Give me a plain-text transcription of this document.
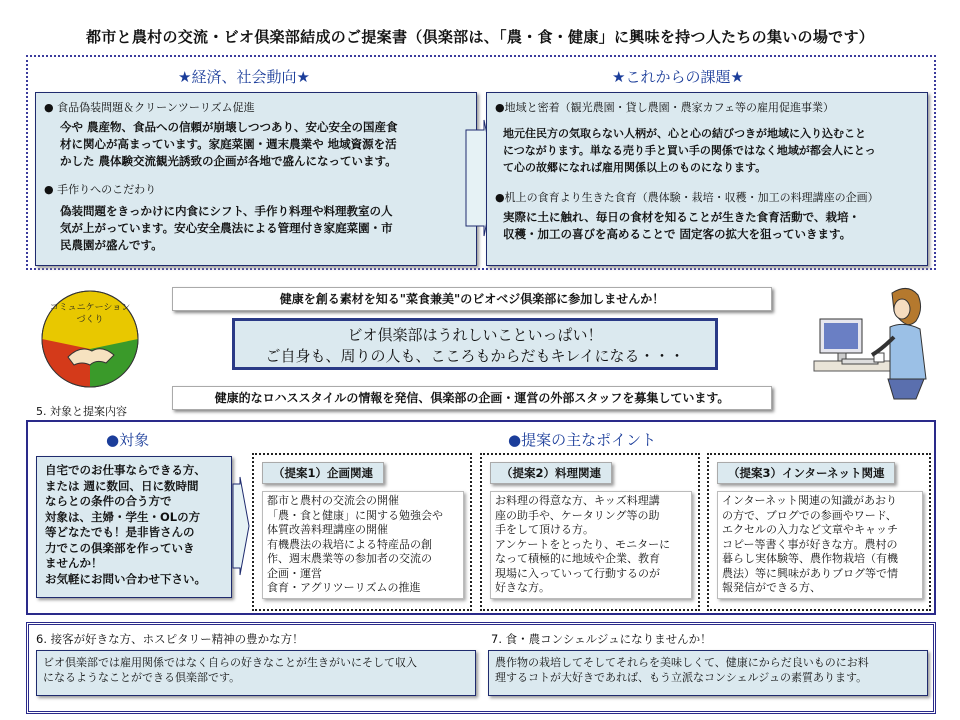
都市と農村の交流・ビオ倶楽部結成のご提案書（倶楽部は、「農・食・健康」に興味を持つ人たちの集いの場です）
★経済、社会動向★	★これからの課題★
● 食品偽装問題＆クリーンツーリズム促進
今や 農産物、食品への信頼が崩壊しつつあり、安心安全の国産食
材に関心が高まっています。家庭菜園・週末農業や 地域資源を活
かした 農体験交流観光誘致の企画が各地で盛んになっています。
● 手作りへのこだわり
偽装問題をきっかけに内食にシフト、手作り料理や料理教室の人
気が上がっています。安心安全農法による管理付き家庭菜園・市
民農園が盛んです。
●地域と密着（観光農園・貸し農園・農家カフェ等の雇用促進事業）
地元住民方の気取らない人柄が、心と心の結びつきが地域に入り込むこと
につながります。単なる売り手と買い手の関係ではなく地域が都会人にとっ
て心の故郷になれば雇用関係以上のものになります。
●机上の食育より生きた食育（農体験・栽培・収穫・加工の料理講座の企画）
実際に土に触れ、毎日の食材を知ることが生きた食育活動で、栽培・
収穫・加工の喜びを高めることで 固定客の拡大を狙っていきます。
コミュニケーション
づくり
健康を創る素材を知る"菜食兼美"のビオベジ倶楽部に参加しませんか！
ビオ倶楽部はうれしいこといっぱい！
ご自身も、周りの人も、こころもからだもキレイになる・・・
健康的なロハススタイルの情報を発信、倶楽部の企画・運営の外部スタッフを募集しています。
5. 対象と提案内容
●対象	●提案の主なポイント
自宅でのお仕事ならできる方、
または 週に数回、日に数時間
ならとの条件の合う方で
対象は、主婦・学生・OLの方
等どなたでも！是非皆さんの
力でこの倶楽部を作っていき
ませんか！
お気軽にお問い合わせ下さい。
（提案1）企画関連
都市と農村の交流会の開催
「農・食と健康」に関する勉強会や
体質改善料理講座の開催
有機農法の栽培による特産品の創
作、週末農業等の参加者の交流の
企画・運営
食育・アグリツーリズムの推進
（提案2）料理関連
お料理の得意な方、キッズ料理講
座の助手や、ケータリング等の助
手をして頂ける方。
アンケートをとったり、モニターに
なって積極的に地域や企業、教育
現場に入っていって行動するのが
好きな方。
（提案3）インターネット関連
インターネット関連の知識があおり
の方で、ブログでの参画やワード、
エクセルの入力など文章やキャッチ
コピー等書く事が好きな方。農村の
暮らし実体験等、農作物栽培（有機
農法）等に興味がありブログ等で情
報発信ができる方、
6. 接客が好きな方、ホスピタリー精神の豊かな方！	7. 食・農コンシェルジュになりませんか！
ビオ倶楽部では雇用関係ではなく自らの好きなことが生きがいにそして収入
になるようなことができる倶楽部です。
農作物の栽培してそしてそれらを美味しくて、健康にからだ良いものにお料
理するコトが大好きであれば、もう立派なコンシェルジュの素質あります。
